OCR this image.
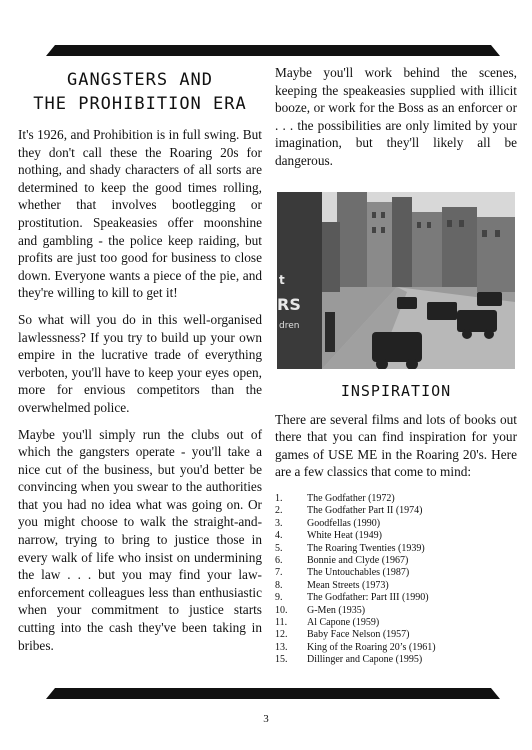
GANGSTERS AND
THE PROHIBITION ERA

It's 1926, and Prohibition is in full swing. But they don't call these the Roaring 20s for nothing, and shady characters of all sorts are determined to keep the good times rolling, whether that involves bootlegging or prostitution. Speakeasies offer moonshine and gambling - the police keep raiding, but profits are just too good for business to close down. Everyone wants a piece of the pie, and they're willing to kill to get it!

So what will you do in this well-organised lawlessness? If you try to build up your own empire in the lucrative trade of everything verboten, you'll have to keep your eyes open, more for envious competitors than the overwhelmed police.

Maybe you'll simply run the clubs out of which the gangsters operate - you'll take a nice cut of the business, but you'd better be convincing when you swear to the authorities that you had no idea what was going on. Or you might choose to walk the straight-and-narrow, trying to bring to justice those in every walk of life who insist on undermining the law . . . but you may find your law-enforcement colleagues less than enthusiastic when your commitment to justice starts cutting into the cash they've been taking in bribes.

Maybe you'll work behind the scenes, keeping the speakeasies supplied with illicit booze, or work for the Boss as an enforcer or . . . the possibilities are only limited by your imagination, but they'll likely all be dangerous.

t
RS
dren
INSPIRATION

There are several films and lots of books out there that you can find inspiration for your games of USE ME in the Roaring 20's. Here are a few classics that come to mind:

1.	The Godfather (1972)
2.	The Godfather Part II (1974)
3.	Goodfellas (1990)
4.	White Heat (1949)
5.	The Roaring Twenties (1939)
6.	Bonnie and Clyde (1967)
7.	The Untouchables (1987)
8.	Mean Streets (1973)
9.	The Godfather: Part III (1990)
10.	G-Men (1935)
11.	Al Capone (1959)
12.	Baby Face Nelson (1957)
13.	King of the Roaring 20’s (1961)
15.	Dillinger and Capone (1995)
3
